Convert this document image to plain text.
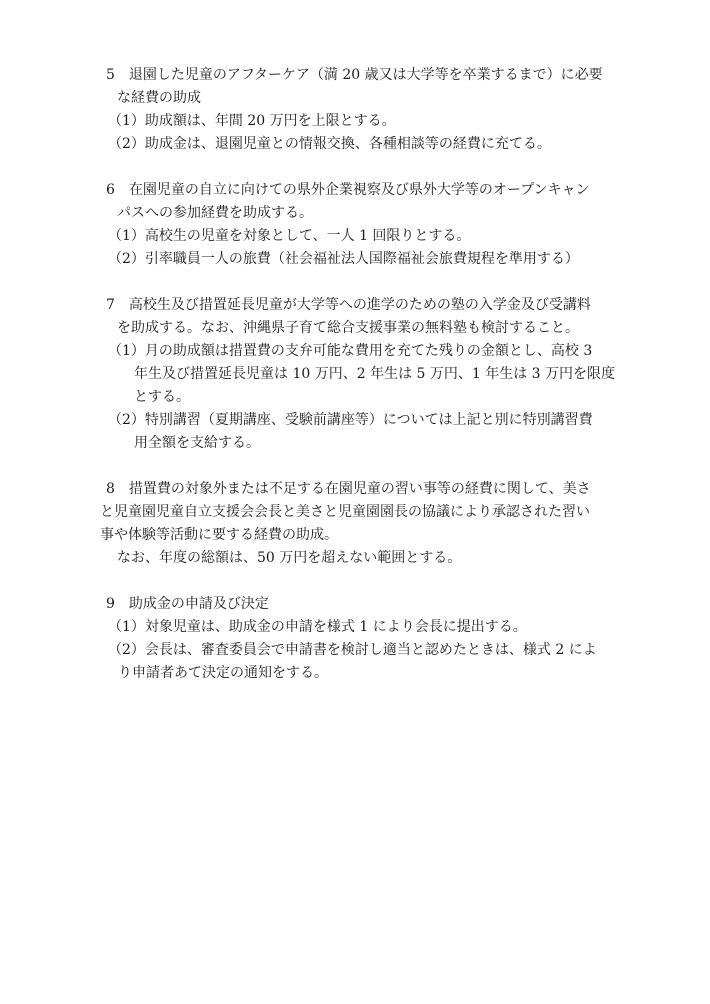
5　退園した児童のアフターケア（満 20 歳又は大学等を卒業するまで）に必要
な経費の助成
（1）助成額は、年間 20 万円を上限とする。
（2）助成金は、退園児童との情報交換、各種相談等の経費に充てる。
6　在園児童の自立に向けての県外企業視察及び県外大学等のオープンキャン
パスへの参加経費を助成する。
（1）高校生の児童を対象として、一人 1 回限りとする。
（2）引率職員一人の旅費（社会福祉法人国際福祉会旅費規程を準用する）
7　高校生及び措置延長児童が大学等への進学のための塾の入学金及び受講料
を助成する。なお、沖縄県子育て総合支援事業の無料塾も検討すること。
（1）月の助成額は措置費の支弁可能な費用を充てた残りの金額とし、高校 3
年生及び措置延長児童は 10 万円、2 年生は 5 万円、1 年生は 3 万円を限度
とする。
（2）特別講習（夏期講座、受験前講座等）については上記と別に特別講習費
用全額を支給する。
8　措置費の対象外または不足する在園児童の習い事等の経費に関して、美さ
と児童園児童自立支援会会長と美さと児童園園長の協議により承認された習い
事や体験等活動に要する経費の助成。
なお、年度の総額は、50 万円を超えない範囲とする。
9　助成金の申請及び決定
（1）対象児童は、助成金の申請を様式 1 により会長に提出する。
（2）会長は、審査委員会で申請書を検討し適当と認めたときは、様式 2 によ
り申請者あて決定の通知をする。
